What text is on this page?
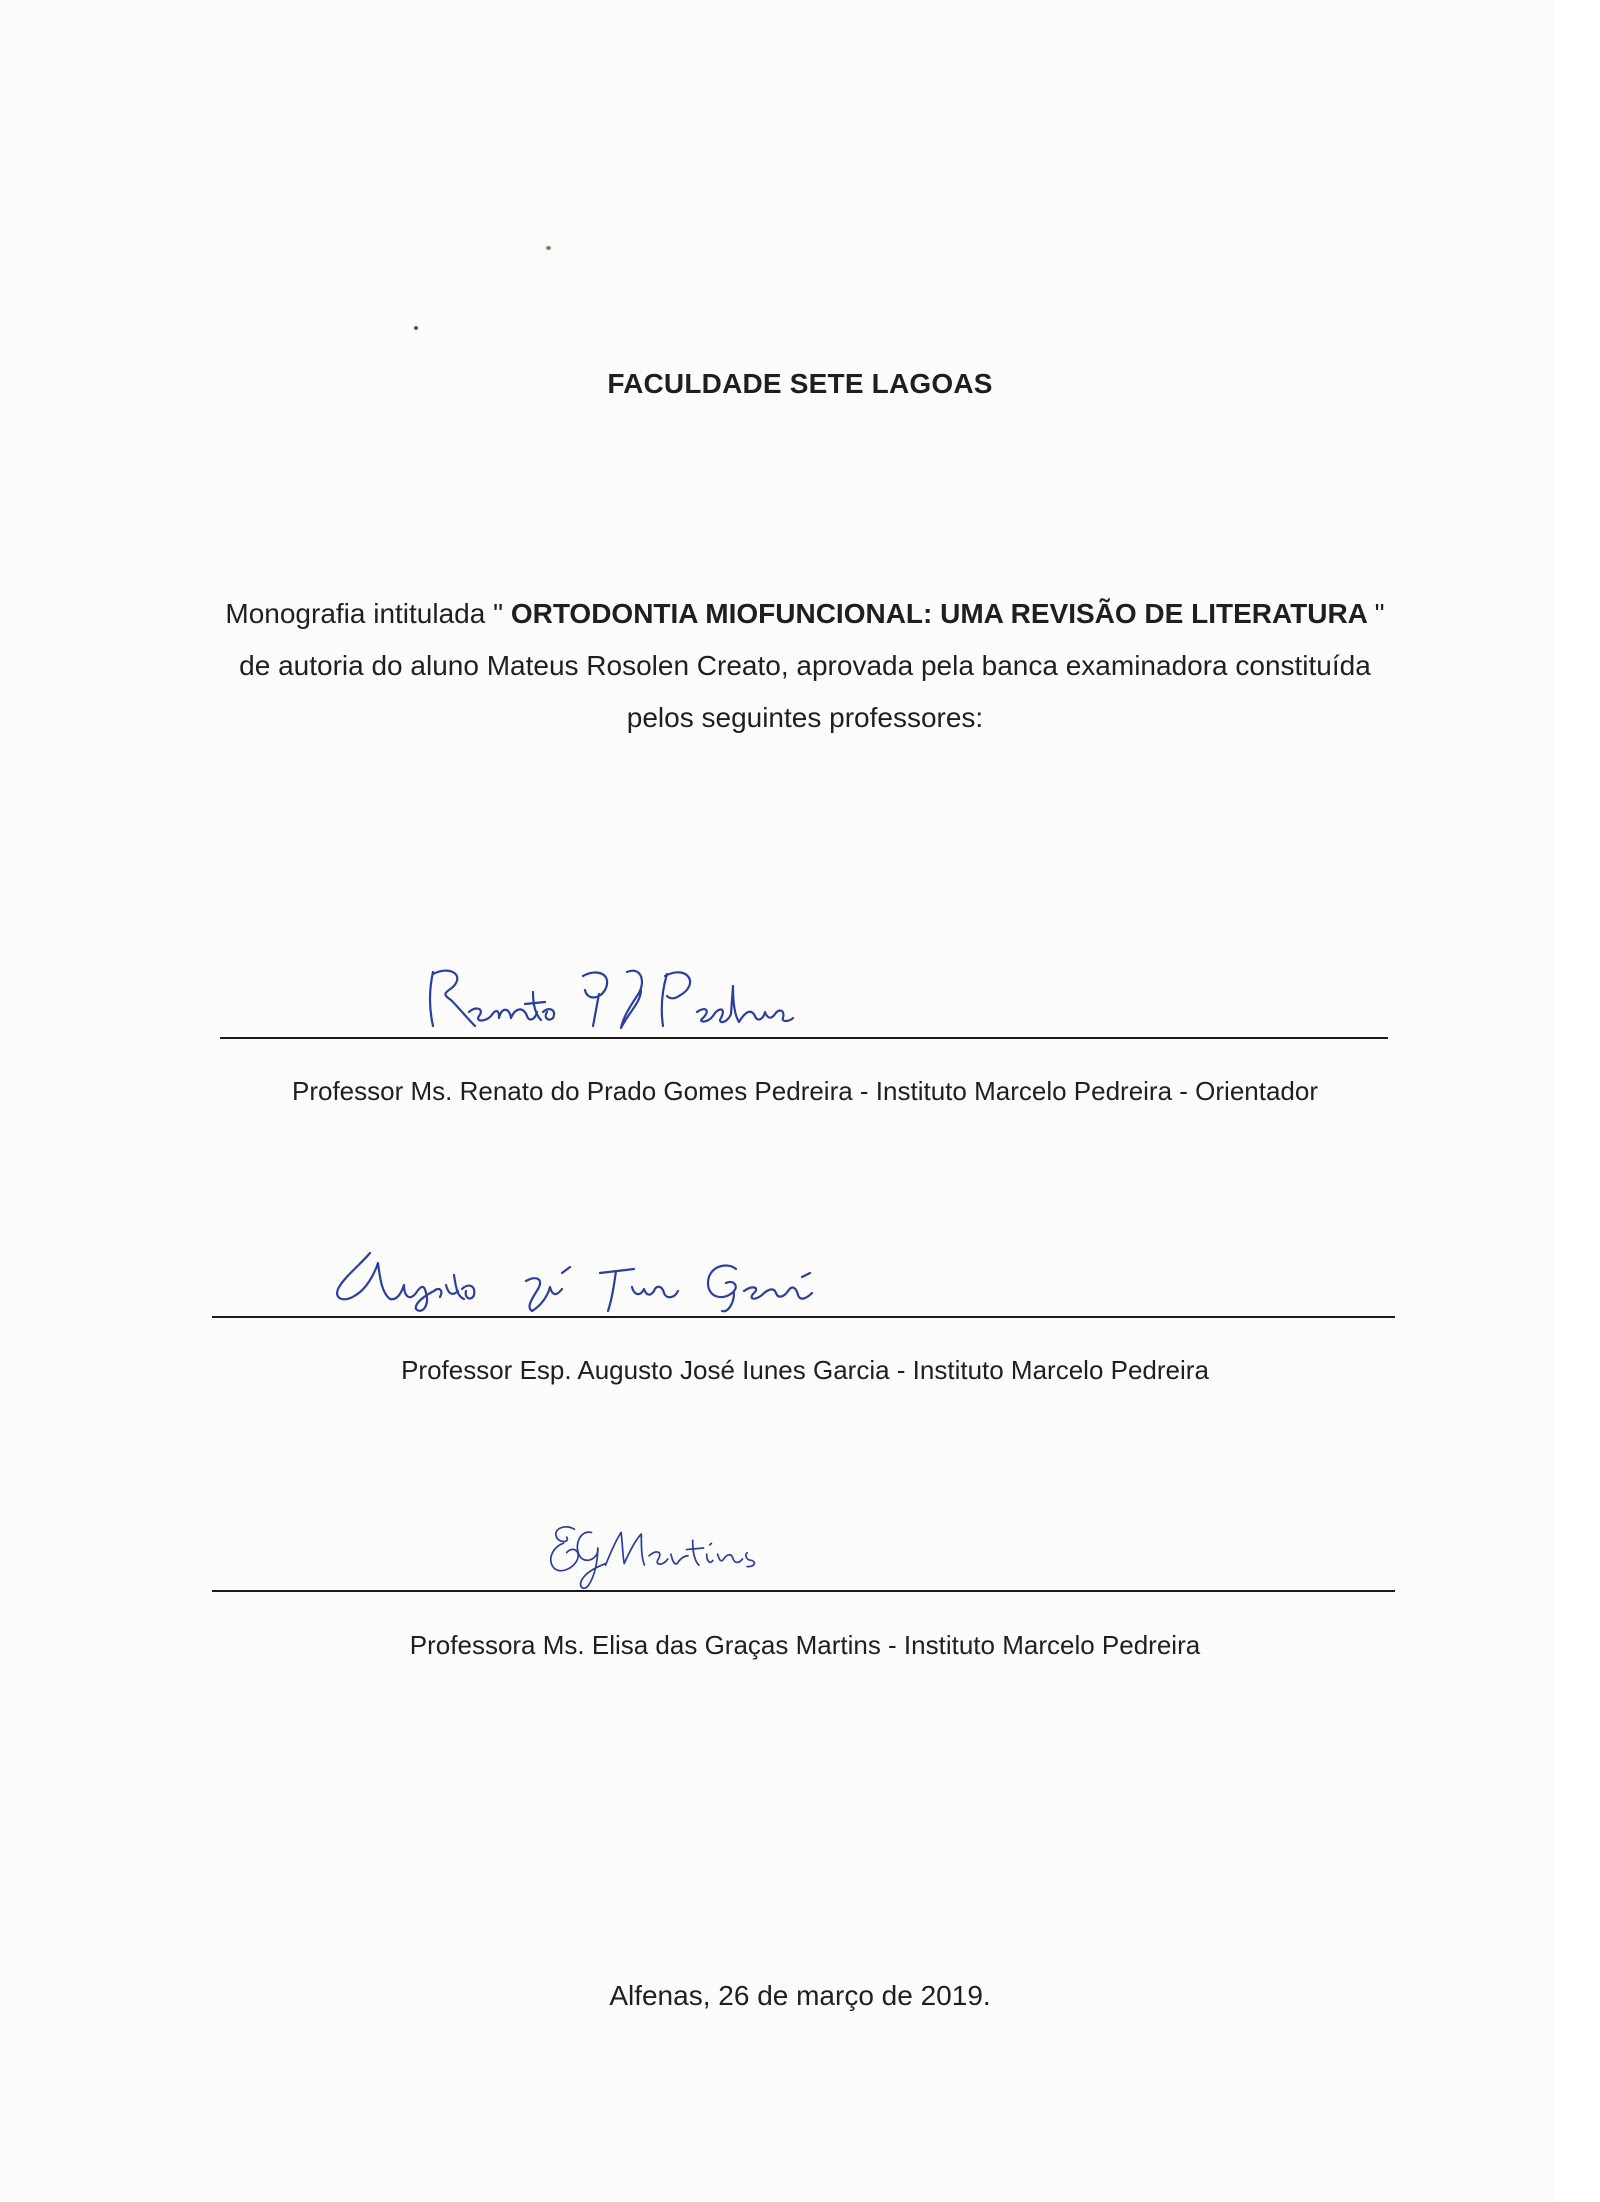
FACULDADE SETE LAGOAS
Monografia intitulada " ORTODONTIA MIOFUNCIONAL: UMA REVISÃO DE LITERATURA " de autoria do aluno Mateus Rosolen Creato, aprovada pela banca examinadora constituída pelos seguintes professores:
Professor Ms. Renato do Prado Gomes Pedreira - Instituto Marcelo Pedreira - Orientador
Professor Esp. Augusto José Iunes Garcia - Instituto Marcelo Pedreira
Professora Ms. Elisa das Graças Martins - Instituto Marcelo Pedreira
Alfenas, 26 de março de 2019.
